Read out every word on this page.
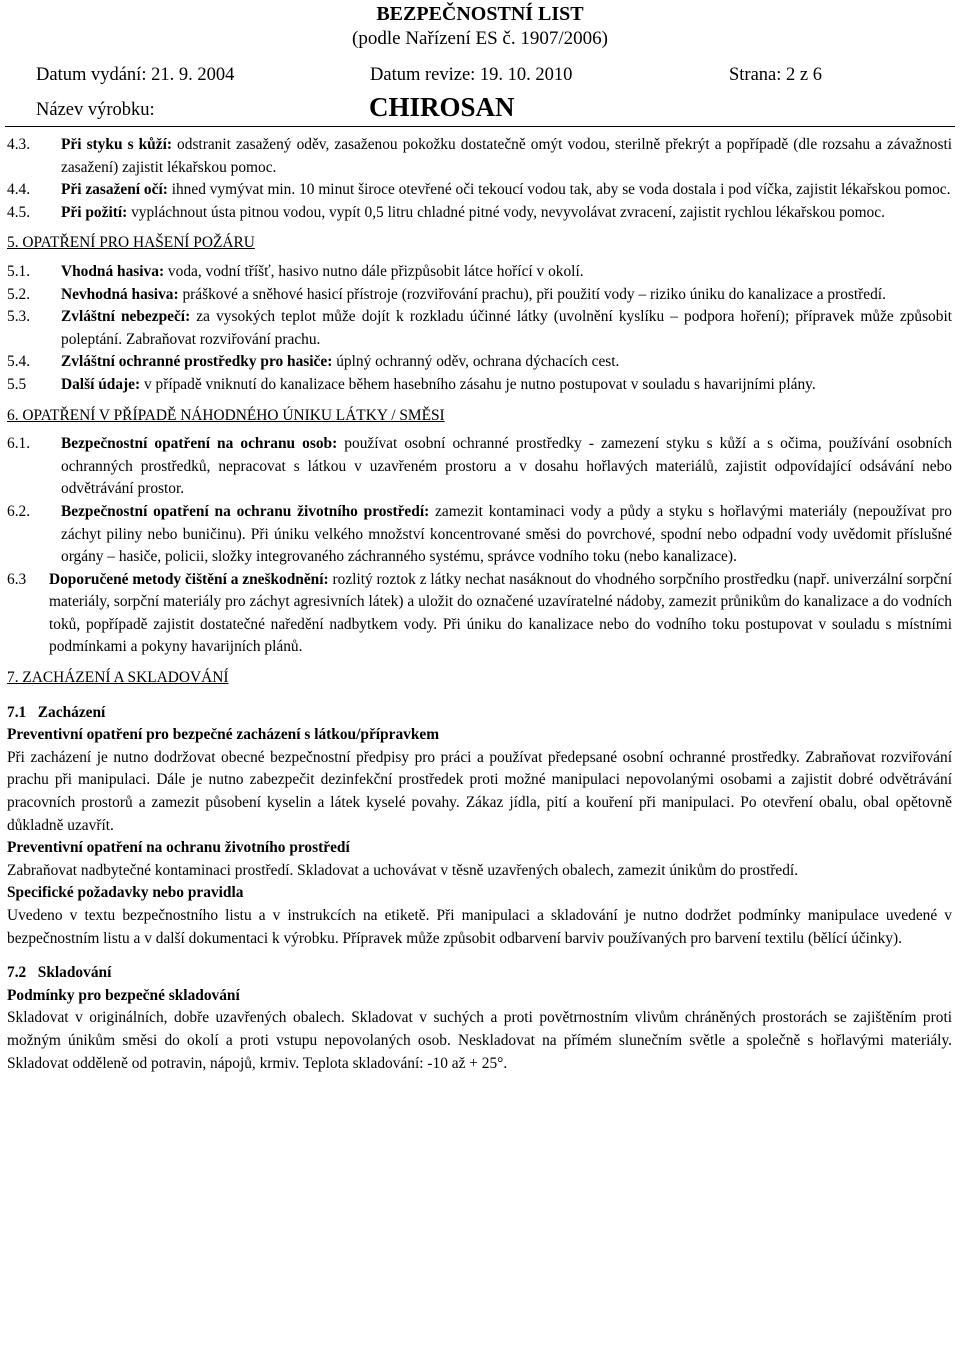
BEZPEČNOSTNÍ LIST
(podle Nařízení ES č. 1907/2006)
Datum vydání: 21. 9. 2004	Datum revize: 19. 10. 2010	Strana: 2 z 6
Název výrobku:	CHIROSAN
4.3.	Při styku s kůží: odstranit zasažený oděv, zasaženou pokožku dostatečně omýt vodou, sterilně překrýt a popřípadě (dle rozsahu a závažnosti zasažení) zajistit lékařskou pomoc.
4.4.	Při zasažení očí: ihned vymývat min. 10 minut široce otevřené oči tekoucí vodou tak, aby se voda dostala i pod víčka, zajistit lékařskou pomoc.
4.5.	Při požití: vypláchnout ústa pitnou vodou, vypít 0,5 litru chladné pitné vody, nevyvolávat zvracení, zajistit rychlou lékařskou pomoc.
5. OPATŘENÍ PRO HAŠENÍ POŽÁRU
5.1.	Vhodná hasiva: voda, vodní tříšť, hasivo nutno dále přizpůsobit látce hořící v okolí.
5.2.	Nevhodná hasiva: práškové a sněhové hasicí přístroje (rozviřování prachu), při použití vody – riziko úniku do kanalizace a prostředí.
5.3.	Zvláštní nebezpečí: za vysokých teplot může dojít k rozkladu účinné látky (uvolnění kyslíku – podpora hoření); přípravek může způsobit poleptání. Zabraňovat rozviřování prachu.
5.4.	Zvláštní ochranné prostředky pro hasiče: úplný ochranný oděv, ochrana dýchacích cest.
5.5	Další údaje: v případě vniknutí do kanalizace během hasebního zásahu je nutno postupovat v souladu s havarijními plány.
6. OPATŘENÍ V PŘÍPADĚ NÁHODNÉHO ÚNIKU LÁTKY / SMĚSI
6.1.	Bezpečnostní opatření na ochranu osob: používat osobní ochranné prostředky - zamezení styku s kůží a s očima, používání osobních ochranných prostředků, nepracovat s látkou v uzavřeném prostoru a v dosahu hořlavých materiálů, zajistit odpovídající odsávání nebo odvětrávání prostor.
6.2.	Bezpečnostní opatření na ochranu životního prostředí: zamezit kontaminaci vody a půdy a styku s hořlavými materiály (nepoužívat pro záchyt piliny nebo buničinu). Při úniku velkého množství koncentrované směsi do povrchové, spodní nebo odpadní vody uvědomit příslušné orgány – hasiče, policii, složky integrovaného záchranného systému, správce vodního toku (nebo kanalizace).
6.3	Doporučené metody čištění a zneškodnění: rozlitý roztok z látky nechat nasáknout do vhodného sorpčního prostředku (např. univerzální sorpční materiály, sorpční materiály pro záchyt agresivních látek) a uložit do označené uzavíratelné nádoby, zamezit průnikům do kanalizace a do vodních toků, popřípadě zajistit dostatečné naředění nadbytkem vody. Při úniku do kanalizace nebo do vodního toku postupovat v souladu s místními podmínkami a pokyny havarijních plánů.
7. ZACHÁZENÍ A SKLADOVÁNÍ
7.1   Zacházení
Preventivní opatření pro bezpečné zacházení s látkou/přípravkem
Při zacházení je nutno dodržovat obecné bezpečnostní předpisy pro práci a používat předepsané osobní ochranné prostředky. Zabraňovat rozviřování prachu při manipulaci. Dále je nutno zabezpečit dezinfekční prostředek proti možné manipulaci nepovolanými osobami a zajistit dobré odvětrávání pracovních prostorů a zamezit působení kyselin a látek kyselé povahy. Zákaz jídla, pití a kouření při manipulaci. Po otevření obalu, obal opětovně důkladně uzavřít.
Preventivní opatření na ochranu životního prostředí
Zabraňovat nadbytečné kontaminaci prostředí. Skladovat a uchovávat v těsně uzavřených obalech, zamezit únikům do prostředí.
Specifické požadavky nebo pravidla
Uvedeno v textu bezpečnostního listu a v instrukcích na etiketě. Při manipulaci a skladování je nutno dodržet podmínky manipulace uvedené v bezpečnostním listu a v další dokumentaci k výrobku. Přípravek může způsobit odbarvení barviv používaných pro barvení textilu (bělící účinky).
7.2   Skladování
Podmínky pro bezpečné skladování
Skladovat v originálních, dobře uzavřených obalech. Skladovat v suchých a proti povětrnostním vlivům chráněných prostorách se zajištěním proti možným únikům směsi do okolí a proti vstupu nepovolaných osob. Neskladovat na přímém slunečním světle a společně s hořlavými materiály. Skladovat odděleně od potravin, nápojů, krmiv. Teplota skladování: -10 až + 25°.
